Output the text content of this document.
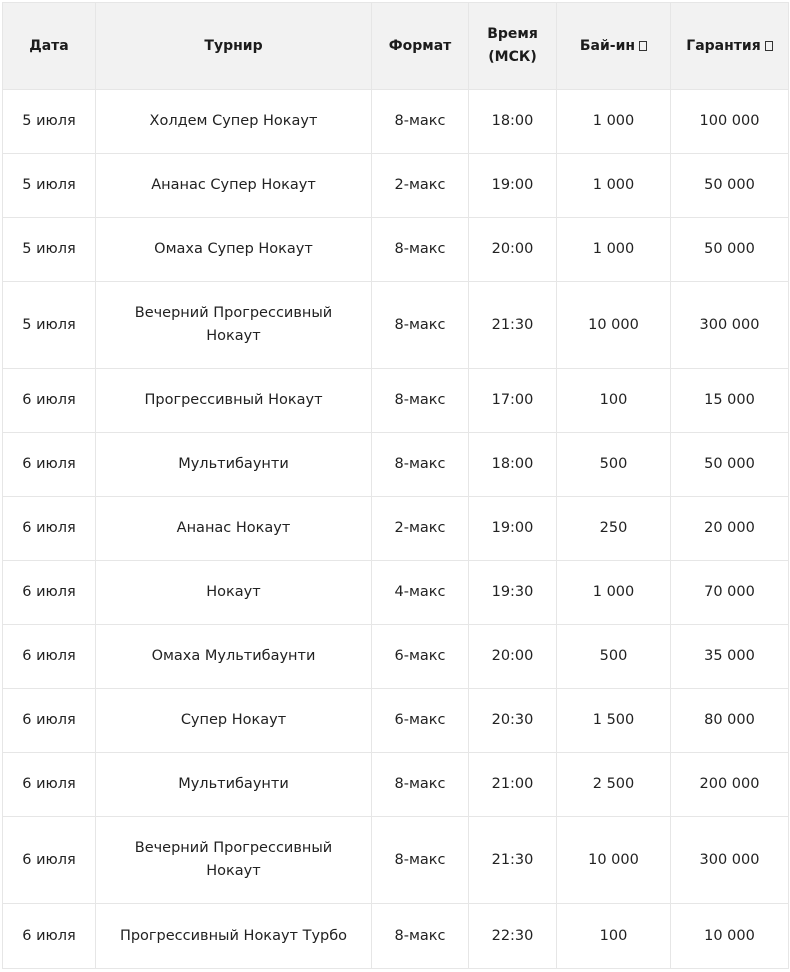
Дата	Турнир	Формат	Время (МСК)	Бай-ин	Гарантия
5 июля	Холдем Супер Нокаут	8-макс	18:00	1 000	100 000
5 июля	Ананас Супер Нокаут	2-макс	19:00	1 000	50 000
5 июля	Омаха Супер Нокаут	8-макс	20:00	1 000	50 000
5 июля	Вечерний Прогрессивный Нокаут	8-макс	21:30	10 000	300 000
6 июля	Прогрессивный Нокаут	8-макс	17:00	100	15 000
6 июля	Мультибаунти	8-макс	18:00	500	50 000
6 июля	Ананас Нокаут	2-макс	19:00	250	20 000
6 июля	Нокаут	4-макс	19:30	1 000	70 000
6 июля	Омаха Мультибаунти	6-макс	20:00	500	35 000
6 июля	Супер Нокаут	6-макс	20:30	1 500	80 000
6 июля	Мультибаунти	8-макс	21:00	2 500	200 000
6 июля	Вечерний Прогрессивный Нокаут	8-макс	21:30	10 000	300 000
6 июля	Прогрессивный Нокаут Турбо	8-макс	22:30	100	10 000
